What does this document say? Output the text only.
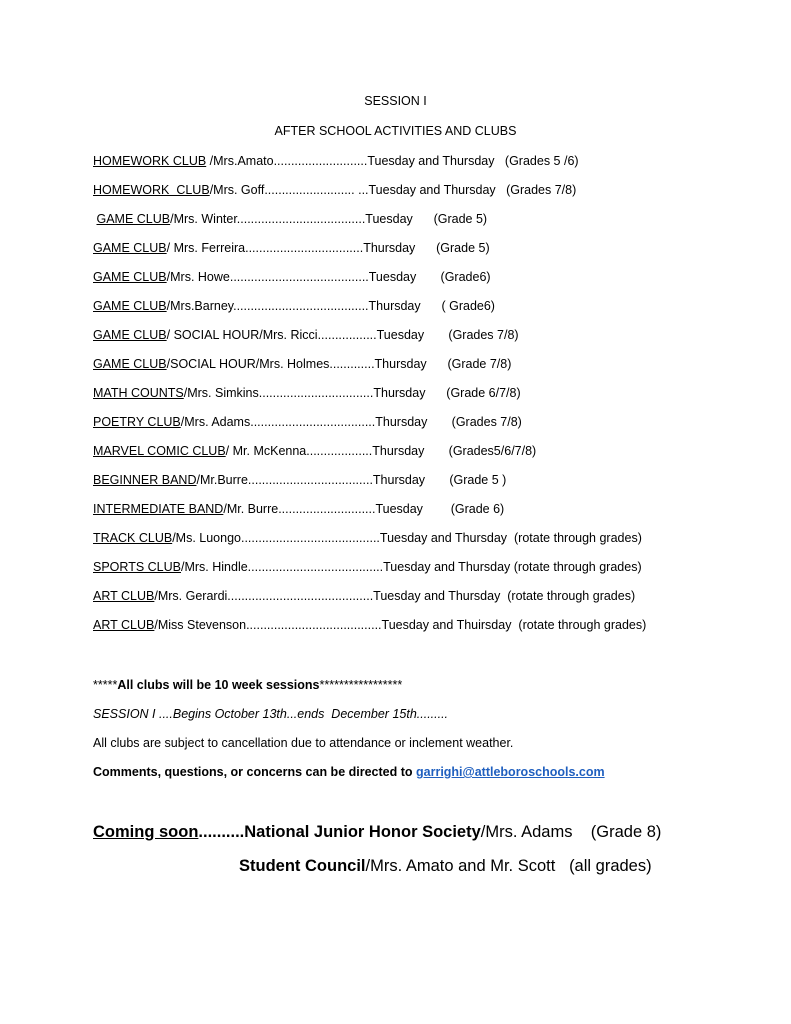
SESSION I
AFTER SCHOOL ACTIVITIES AND CLUBS
HOMEWORK CLUB /Mrs.Amato...........................Tuesday and Thursday   (Grades 5 /6)
HOMEWORK  CLUB/Mrs. Goff.......................... ...Tuesday and Thursday   (Grades 7/8)
GAME CLUB/Mrs. Winter.....................................Tuesday      (Grade 5)
GAME CLUB/ Mrs. Ferreira..................................Thursday      (Grade 5)
GAME CLUB/Mrs. Howe........................................Tuesday       (Grade6)
GAME CLUB/Mrs.Barney.......................................Thursday      ( Grade6)
GAME CLUB/ SOCIAL HOUR/Mrs. Ricci.................Tuesday       (Grades 7/8)
GAME CLUB/SOCIAL HOUR/Mrs. Holmes.............Thursday      (Grade 7/8)
MATH COUNTS/Mrs. Simkins.................................Thursday      (Grade 6/7/8)
POETRY CLUB/Mrs. Adams....................................Thursday       (Grades 7/8)
MARVEL COMIC CLUB/ Mr. McKenna...................Thursday       (Grades5/6/7/8)
BEGINNER BAND/Mr.Burre....................................Thursday       (Grade 5 )
INTERMEDIATE BAND/Mr. Burre............................Tuesday        (Grade 6)
TRACK CLUB/Ms. Luongo........................................Tuesday and Thursday  (rotate through grades)
SPORTS CLUB/Mrs. Hindle.......................................Tuesday and Thursday (rotate through grades)
ART CLUB/Mrs. Gerardi..........................................Tuesday and Thursday  (rotate through grades)
ART CLUB/Miss Stevenson.......................................Tuesday and Thuirsday  (rotate through grades)
*****All clubs will be 10 week sessions*****************
SESSION I ....Begins October 13th...ends  December 15th.........
All clubs are subject to cancellation due to attendance or inclement weather.
Comments, questions, or concerns can be directed to garrighi@attleboroschools.com
Coming soon..........National Junior Honor Society/Mrs. Adams    (Grade 8)
Student Council/Mrs. Amato and Mr. Scott   (all grades)
